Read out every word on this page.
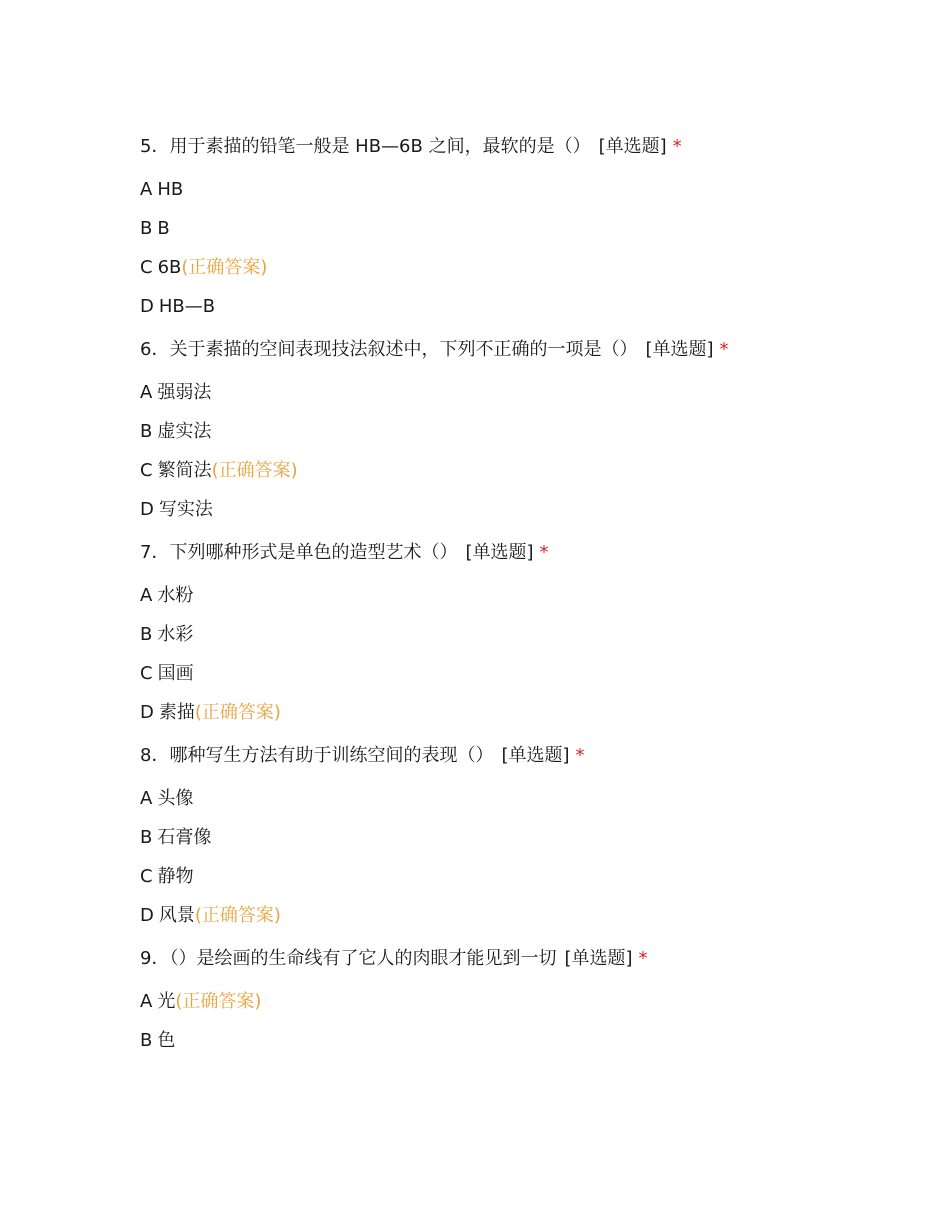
5．用于素描的铅笔一般是 HB—6B 之间，最软的是（） [单选题] *
A HB
B B
C 6B(正确答案)
D HB—B
6．关于素描的空间表现技法叙述中，下列不正确的一项是（） [单选题] *
A 强弱法
B 虚实法
C 繁简法(正确答案)
D 写实法
7．下列哪种形式是单色的造型艺术（） [单选题] *
A 水粉
B 水彩
C 国画
D 素描(正确答案)
8．哪种写生方法有助于训练空间的表现（） [单选题] *
A 头像
B 石膏像
C 静物
D 风景(正确答案)
9．（）是绘画的生命线有了它人的肉眼才能见到一切 [单选题] *
A 光(正确答案)
B 色
